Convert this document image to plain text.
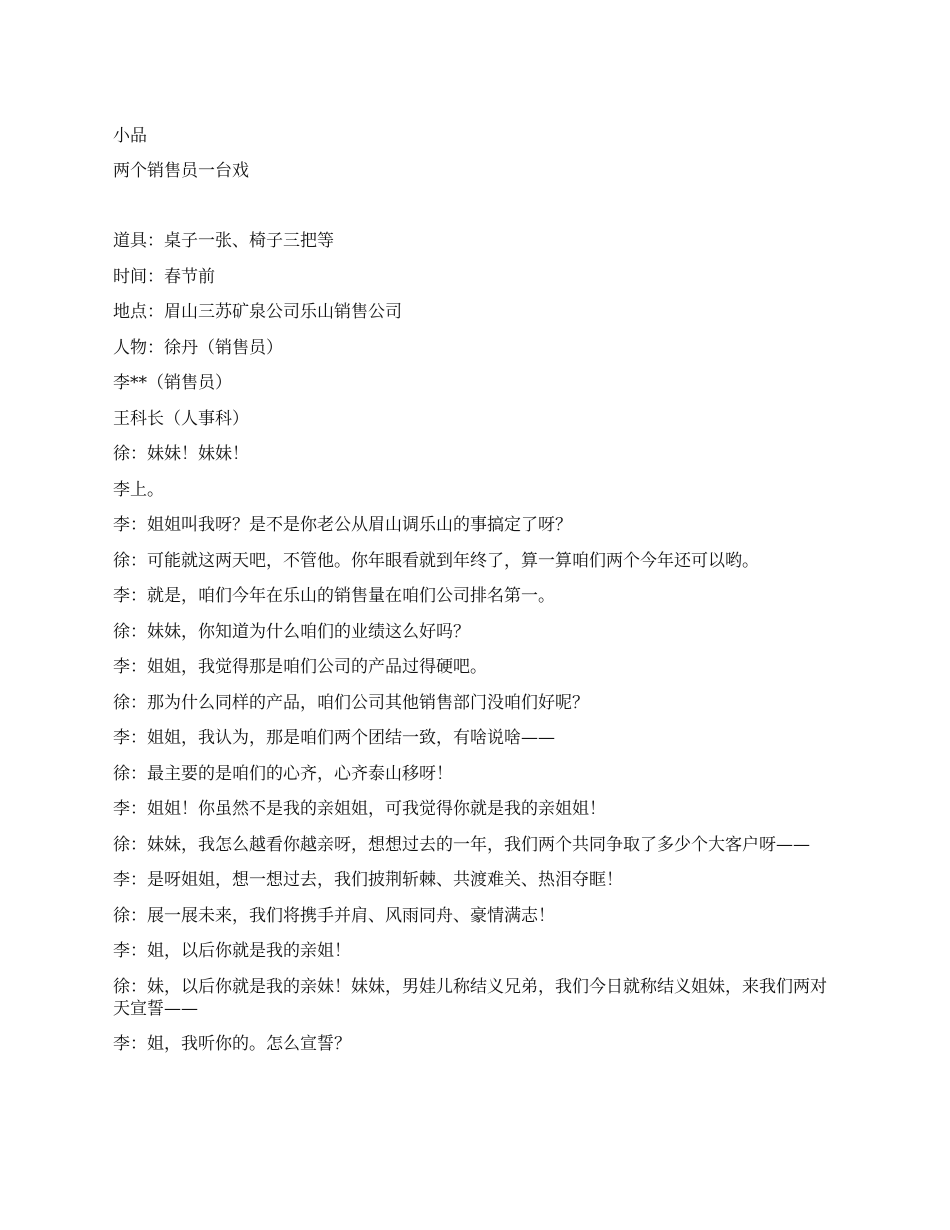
小品
两个销售员一台戏
道具：桌子一张、椅子三把等
时间：春节前
地点：眉山三苏矿泉公司乐山销售公司
人物：徐丹（销售员）
李**（销售员）
王科长（人事科）
徐：妹妹！妹妹！
李上。
李：姐姐叫我呀？是不是你老公从眉山调乐山的事搞定了呀？
徐：可能就这两天吧，不管他。你年眼看就到年终了，算一算咱们两个今年还可以哟。
李：就是，咱们今年在乐山的销售量在咱们公司排名第一。
徐：妹妹，你知道为什么咱们的业绩这么好吗？
李：姐姐，我觉得那是咱们公司的产品过得硬吧。
徐：那为什么同样的产品，咱们公司其他销售部门没咱们好呢？
李：姐姐，我认为，那是咱们两个团结一致，有啥说啥——
徐：最主要的是咱们的心齐，心齐泰山移呀！
李：姐姐！你虽然不是我的亲姐姐，可我觉得你就是我的亲姐姐！
徐：妹妹，我怎么越看你越亲呀，想想过去的一年，我们两个共同争取了多少个大客户呀——
李：是呀姐姐，想一想过去，我们披荆斩棘、共渡难关、热泪夺眶！
徐：展一展未来，我们将携手并肩、风雨同舟、豪情满志！
李：姐，以后你就是我的亲姐！
徐：妹，以后你就是我的亲妹！妹妹，男娃儿称结义兄弟，我们今日就称结义姐妹，来我们两对天宣誓——
李：姐，我听你的。怎么宣誓？
